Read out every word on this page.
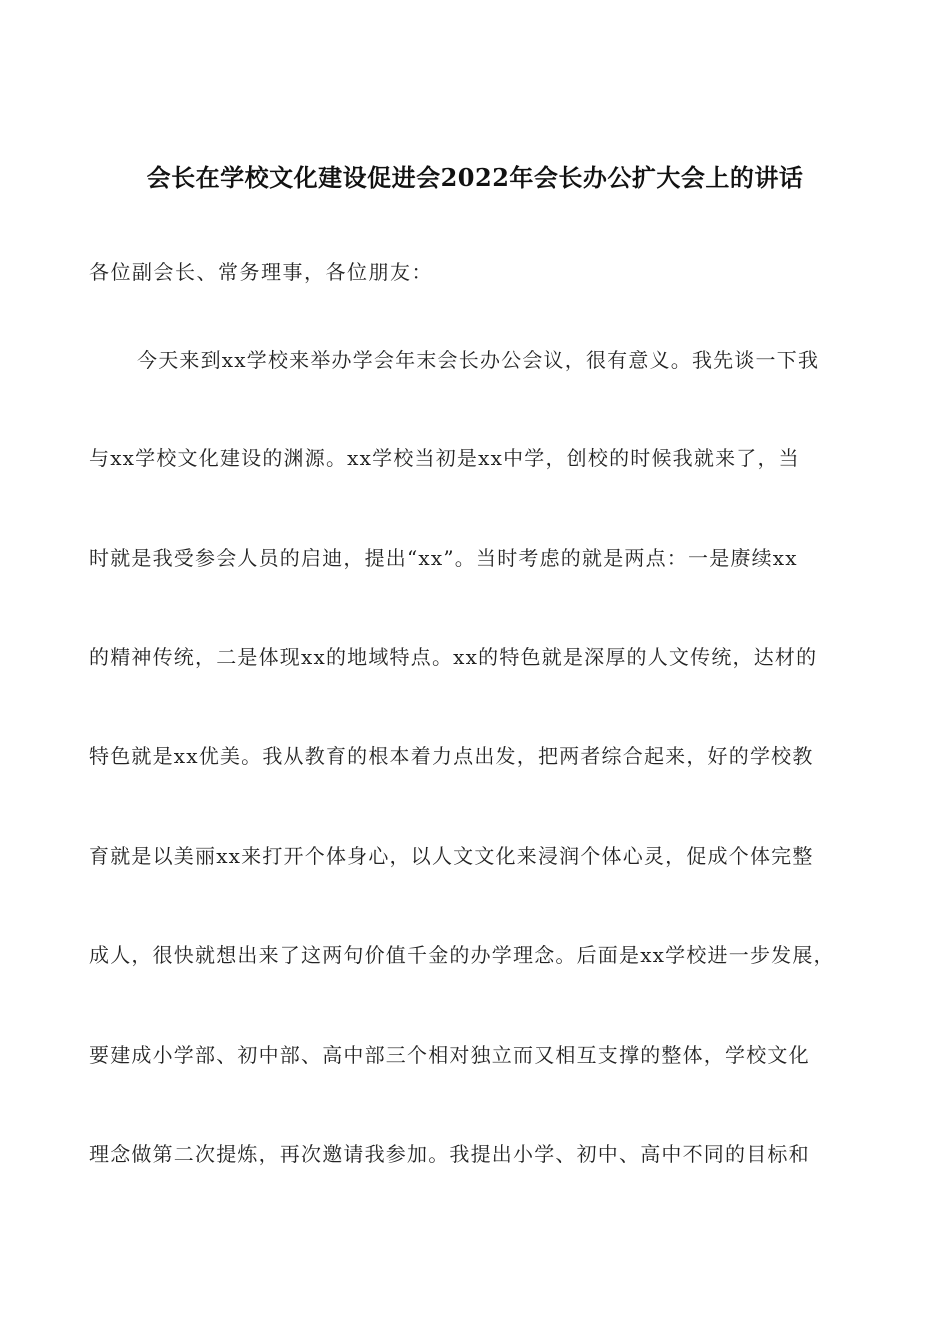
会长在学校文化建设促进会2022年会长办公扩大会上的讲话
各位副会长、常务理事，各位朋友：
今天来到xx学校来举办学会年末会长办公会议，很有意义。我先谈一下我
与xx学校文化建设的渊源。xx学校当初是xx中学，创校的时候我就来了，当
时就是我受参会人员的启迪，提出“xx”。当时考虑的就是两点：一是赓续xx
的精神传统，二是体现xx的地域特点。xx的特色就是深厚的人文传统，达材的
特色就是xx优美。我从教育的根本着力点出发，把两者综合起来，好的学校教
育就是以美丽xx来打开个体身心，以人文文化来浸润个体心灵，促成个体完整
成人，很快就想出来了这两句价值千金的办学理念。后面是xx学校进一步发展，
要建成小学部、初中部、高中部三个相对独立而又相互支撑的整体，学校文化
理念做第二次提炼，再次邀请我参加。我提出小学、初中、高中不同的目标和
